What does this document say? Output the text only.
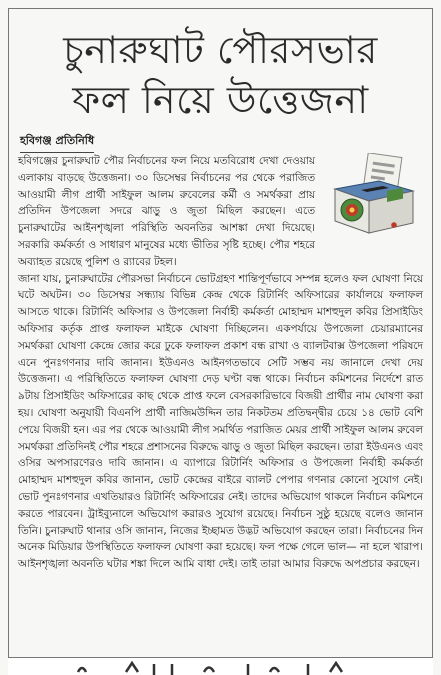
চুনারুঘাট পৌরসভার
ফল নিয়ে উত্তেজনা
হবিগঞ্জ প্রতিনিধি

হবিগঞ্জের চুনারুঘাট পৌর নির্বাচনের ফল নিয়ে মতবিরোধ দেখা দেওয়ায় এলাকায় বাড়ছে উত্তেজনা। ৩০ ডিসেম্বর নির্বাচনের পর থেকে পরাজিত আওয়ামী লীগ প্রার্থী সাইফুল আলম রুবেলের কর্মী ও সমর্থকরা প্রায় প্রতিদিন উপজেলা সদরে ঝাড়ু ও জুতা মিছিল করছেন। এতে চুনারুঘাটের আইনশৃঙ্খলা পরিস্থিতি অবনতির আশঙ্কা দেখা দিয়েছে। সরকারি কর্মকর্তা ও সাধারণ মানুষের মধ্যে ভীতির সৃষ্টি হচ্ছে। পৌর শহরে অব্যাহত রয়েছে পুলিশ ও র‍্যাবের টহল।

জানা যায়, চুনারুঘাটের পৌরসভা নির্বাচনে ভোটগ্রহণ শান্তিপূর্ণভাবে সম্পন্ন হলেও ফল ঘোষণা নিয়ে ঘটে অঘটন। ৩০ ডিসেম্বর সন্ধ্যায় বিভিন্ন কেন্দ্র থেকে রিটার্নিং অফিসারের কার্যালয়ে ফলাফল আসতে থাকে। রিটার্নিং অফিসার ও উপজেলা নির্বাহী কর্মকর্তা মোহাম্মদ মাশহুদুল কবির প্রিসাইডিং অফিসার কর্তৃক প্রাপ্ত ফলাফল মাইকে ঘোষণা দিচ্ছিলেন। একপর্যায়ে উপজেলা চেয়ারম্যানের সমর্থকরা ঘোষণা কেন্দ্রে জোর করে ঢুকে ফলাফল প্রকাশ বন্ধ রাখা ও ব্যালটবাক্স উপজেলা পরিষদে এনে পুনঃগণনার দাবি জানান। ইউএনও আইনগতভাবে সেটি সম্ভব নয় জানালে দেখা দেয় উত্তেজনা। এ পরিস্থিতিতে ফলাফল ঘোষণা দেড় ঘণ্টা বন্ধ থাকে। নির্বাচন কমিশনের নির্দেশে রাত ৯টায় প্রিসাইডিং অফিসারের কাছ থেকে প্রাপ্ত ফলে বেসরকারিভাবে বিজয়ী প্রার্থীর নাম ঘোষণা করা হয়। ঘোষণা অনুযায়ী বিএনপি প্রার্থী নাজিমউদ্দিন তার নিকটতম প্রতিদ্বন্দ্বীর চেয়ে ১৪ ভোট বেশি পেয়ে বিজয়ী হন। এর পর থেকে আওয়ামী লীগ সমর্থিত পরাজিত মেয়র প্রার্থী সাইফুল আলম রুবেল সমর্থকরা প্রতিদিনই পৌর শহরে প্রশাসনের বিরুদ্ধে ঝাড়ু ও জুতা মিছিল করছেন। তারা ইউএনও এবং ওসির অপসারণেরও দাবি জানান। এ ব্যাপারে রিটার্নিং অফিসার ও উপজেলা নির্বাহী কর্মকর্তা মোহাম্মদ মাশহুদুল কবির জানান, ভোট কেন্দ্রের বাইরে ব্যালট পেপার গণনার কোনো সুযোগ নেই। ভোট পুনঃগণনার এখতিয়ারও রিটার্নিং অফিসারের নেই। তাদের অভিযোগ থাকলে নির্বাচন কমিশনে করতে পারবেন। ট্রাইব্যুনালে অভিযোগ করারও সুযোগ রয়েছে। নির্বাচন সুষ্ঠু হয়েছে বলেও জানান তিনি। চুনারুঘাট থানার ওসি জানান, নিজের ইচ্ছামত উদ্ভট অভিযোগ করছেন তারা। নির্বাচনের দিন অনেক মিডিয়ার উপস্থিতিতে ফলাফল ঘোষণা করা হয়েছে। ফল পক্ষে গেলে ভাল— না হলে খারাপ। আইনশৃঙ্খলা অবনতি ঘটার শঙ্কা দিলে আমি বাধা দেই। তাই তারা আমার বিরুদ্ধে অপপ্রচার করছেন।
